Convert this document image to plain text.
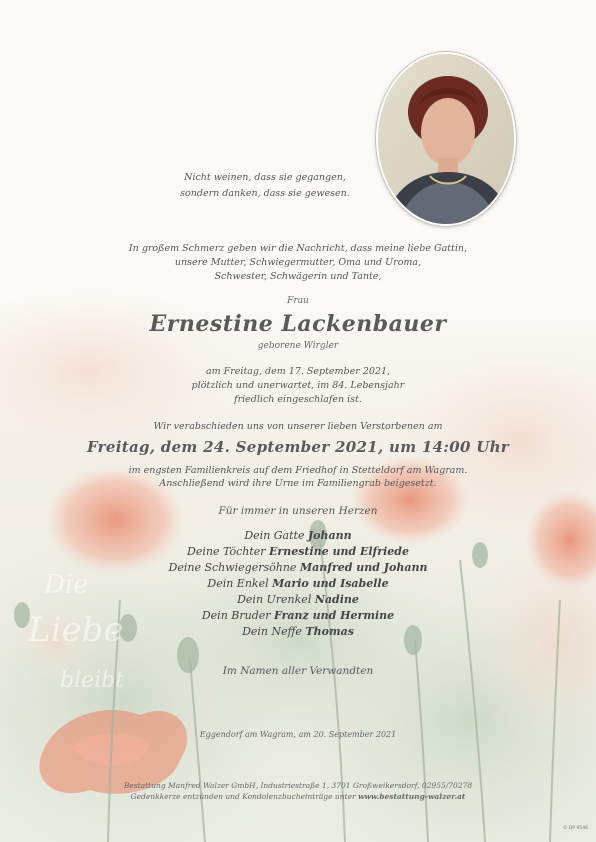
Die
Liebe
bleibt
Nicht weinen, dass sie gegangen,
sondern danken, dass sie gewesen.
In großem Schmerz geben wir die Nachricht, dass meine liebe Gattin,
unsere Mutter, Schwiegermutter, Oma und Uroma,
Schwester, Schwägerin und Tante,
Frau
Ernestine Lackenbauer
geborene Wirgler
am Freitag, dem 17. September 2021,
plötzlich und unerwartet, im 84. Lebensjahr
friedlich eingeschlafen ist.
Wir verabschieden uns von unserer lieben Verstorbenen am
Freitag, dem 24. September 2021, um 14:00 Uhr
im engsten Familienkreis auf dem Friedhof in Stetteldorf am Wagram.
Anschließend wird ihre Urne im Familiengrab beigesetzt.
Für immer in unseren Herzen
Dein Gatte Johann
Deine Töchter Ernestine und Elfriede
Deine Schwiegersöhne Manfred und Johann
Dein Enkel Mario und Isabelle
Dein Urenkel Nadine
Dein Bruder Franz und Hermine
Dein Neffe Thomas
Im Namen aller Verwandten
Eggendorf am Wagram, am 20. September 2021
Bestattung Manfred Walzer GmbH, Industriestraße 1, 3701 Großweikersdorf, 02955/70278
Gedenkkerze entzünden und Kondolenzbucheinträge unter www.bestattung-walzer.at
© DP 9546
